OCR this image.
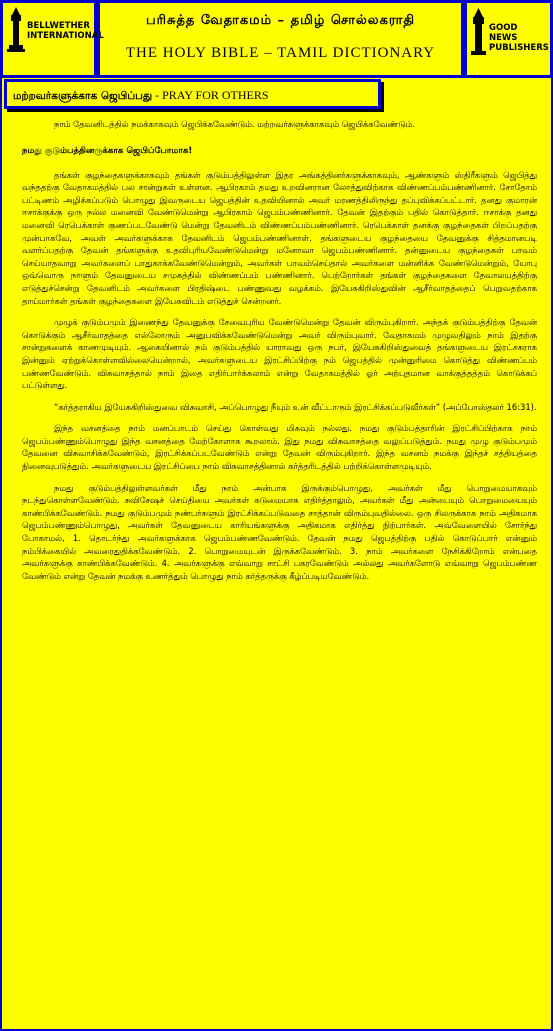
BELLWETHER INTERNATIONAL
பரிசுத்த வேதாகமம் – தமிழ் சொல்லகராதி
THE HOLY BIBLE – TAMIL DICTIONARY
GOOD NEWS PUBLISHERS
மற்றவர்களுக்காக ஜெபிப்பது - PRAY FOR OTHERS

நாம் தேவனிடத்தில் நமக்காகவும் ஜெபிக்கவேண்டும். மற்றவர்களுக்காகவும் ஜெபிக்கவேண்டும்.

நமது குடும்பத்தினருக்காக ஜெபிப்போமாக!

தங்கள் குழந்தைகளுக்காகவும் தங்கள் குடும்பத்திலுள்ள இதர அங்கத்தினர்களுக்காகவும், ஆண்களும் ஸ்திரீகளும் ஜெபித்து வந்ததற்கு வேதாகமத்தில் பல சான்றுகள் உள்ளன. ஆபிரகாம் தமது உறவினரான லோத்துவிற்காக விண்ணப்பம்பண்ணினார். சோதோம் பட்டிணம் அழிக்கப்படும் பொழுது இவருடைய ஜெபத்தின் உதவியினால் அவர் மரணத்திலிருந்து தப்புவிக்கப்பட்டார். தனது குமாரன் ஈசாக்குக்கு ஒரு நல்ல மனைவி வேண்டுமென்று ஆபிரகாம் ஜெபம்பண்ணினார். தேவன் இதற்கும் பதில் கொடுத்தார். ஈசாக்கு தனது மனைவி ரெபெக்காள் குணப்படவேண்டு மென்று தேவனிடம் விண்ணப்பம்பண்ணினார். ரெபெக்காள் தனக்கு குழந்தைகள் பிறப்பதற்கு முன்பாகவே, அவள் அவர்களுக்காக தேவனிடம் ஜெபம்பண்ணினாள். தங்களுடைய குழந்தையை தேவனுக்கு சித்தமானபடி வளர்ப்பதற்கு தேவன் தங்களுக்கு உதவிபுரியவேண்டுமென்று மனோவா ஜெபம்பண்ணினார். தன்னுடைய குழந்தைகள் பாவம் செய்யாதவாறு அவர்களைப் பாதுகாக்கவேண்டுமென்றும், அவர்கள் பாவம்செய்தால் அவர்களை மன்னிக்க வேண்டுமென்றும், யோபு ஒவ்வொரு நாளும் தேவனுடைய சமுகத்தில் விண்ணப்பம் பண்ணினார். பெற்றோர்கள் தங்கள் குழந்தைகளை தேவாலயத்திற்கு எடுத்துச்சென்று தேவனிடம் அவர்களை பிரதிஷ்டை பண்ணுவது வழக்கம். இயேசுகிறிஸ்துவின் ஆசீர்வாதத்தைப் பெறுவதற்காக தாய்மார்கள் தங்கள் குழந்தைகளை இயேசுவிடம் எடுத்துச் சென்றனர்.

முழுக் குடும்பமும் இணைந்து தேவனுக்கு சேவைபுரிய வேண்டுமென்று தேவன் விரும்புகிறார். அந்தக் குடும்பத்திற்கு தேவன் கொடுக்கும் ஆசீர்வாதத்தை எல்லோரும் அனுபவிக்கவேண்டுமென்று அவர் விரும்புவார். வேதாகமம் முழுவதிலும் நாம் இதற்கு சான்றுகளைக் காணமுடியும். ஆகையினால் நம் குடும்பத்தில் யாராவது ஒரு நபர், இயேசுகிறிஸ்துவைத் தங்களுடைய இரட்சகராக இன்னும் ஏற்றுக்கொள்ளவில்லையென்றால், அவர்களுடைய இரட்சிப்பிற்கு நம் ஜெபத்தில் முன்னுரிமை கொடுத்து விண்ணப்பம் பண்ணவேண்டும். விசுவாசத்தால் நாம் இதை எதிர்பார்க்கலாம் என்று வேதாகமத்தில் ஓர் அற்புதமான வாக்குத்தத்தம் கொடுக்கப் பட்டுள்ளது.

“கர்த்தராகிய இயேசுகிறிஸ்துவை விசுவாசி, அப்பொழுது நீயும் உன் வீட்டாரும் இரட்சிக்கப்படுவீர்கள்” (அப்போஸ்தலர் 16:31).

இந்த வசனத்தை நாம் மனப்பாடம் செய்து கொள்வது மிகவும் நல்லது. நமது குடும்பத்தாரின் இரட்சிப்பிற்காக நாம் ஜெபம்பண்ணும்பொழுது இந்த வசனத்தை மேற்கோளாக கூறலாம். இது நமது விசுவாசத்தை வலுப்படுத்தும். நமது முழு குடும்பமும் தேவனை விசுவாசிக்கவேண்டும், இரட்சிக்கப்படவேண்டும் என்று தேவன் விரும்புகிறார். இந்த வசனம் நமக்கு இந்தச் சத்தியத்தை நினைவுபடுத்தும். அவர்களுடைய இரட்சிப்பை நாம் விசுவாசத்தினால் கர்த்தரிடத்தில் பற்றிக்கொள்ளமுடியும்.

நமது குடும்பத்திலுள்ளவர்கள் மீது நாம் அன்பாக இருக்கும்பொழுது, அவர்கள் மீது பொறுமையாகவும் நடந்துகொள்ளவேண்டும். சுவிசேஷச் செய்தியை அவர்கள் கடுமையாக எதிர்த்தாலும், அவர்கள் மீது அன்பையும் பொறுமையையும் காண்பிக்கவேண்டும். நமது குடும்பமும் நண்பர்களும் இரட்சிக்கப்படுவதை சாத்தான் விரும்புவதில்லை. ஒரு சிலருக்காக நாம் அதிகமாக ஜெபம்பண்ணும்பொழுது, அவர்கள் தேவனுடைய காரியங்களுக்கு அதிகமாக எதிர்த்து நிற்பார்கள். அவ்வேளையில் சோர்ந்து போகாமல், 1. தொடர்ந்து அவர்களுக்காக ஜெபம்பண்ணவேண்டும். தேவன் நமது ஜெபத்திற்கு பதில் கொடுப்பார் என்னும் நம்பிக்கையில் அவரைதுதிக்கவேண்டும். 2. பொறுமையுடன் இருக்கவேண்டும். 3. நாம் அவர்களை நேசிக்கிறோம் என்பதை அவர்களுக்கு காண்பிக்கவேண்டும். 4. அவர்களுக்கு எவ்வாறு சாட்சி பகரவேண்டும் அல்லது அவர்களோடு எவ்வாறு ஜெபம்பண்ண வேண்டும் என்று தேவன் நமக்கு உணர்த்தும் பொழுது நாம் கர்த்தருக்கு கீழ்ப்படியவேண்டும்.
